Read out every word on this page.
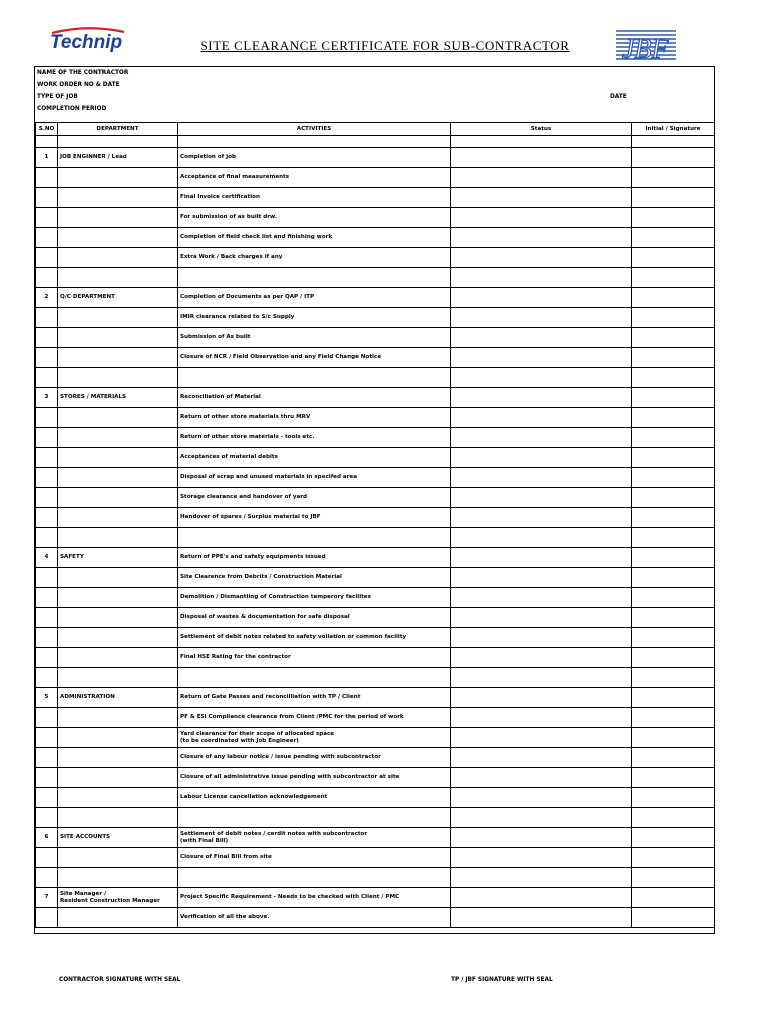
Technip	SITE CLEARANCE CERTIFICATE FOR SUB-CONTRACTOR	JBF
NAME OF THE CONTRACTOR
WORK ORDER NO & DATE
TYPE OF JOB
COMPLETION PERIOD
DATE
S.NO	DEPARTMENT	ACTIVITIES	Status	Initial / Signature

1	JOB ENGINNER / Lead	Completion of Job		
		Acceptance of final measurements		
		Final Invoice certification		
		For submission of as built drw.		
		Completion of field check list and finishing work		
		Extra Work / Back charges if any		

2	Q/C DEPARTMENT	Completion of Documents as per QAP / ITP		
		IMIR clearance related to S/c Supply		
		Submission of As built		
		Closure of NCR / Field Observation and any Field Change Notice		

3	STORES / MATERIALS	Reconciliation of Material		
		Return of other store materials thru MRV		
		Return of other store materials - tools etc.		
		Acceptances of material debits		
		Disposal of scrap and unused materials in specifed area		
		Storage clearance and handover of yard		
		Handover of spares / Surplus material to JBF		

4	SAFETY	Return of PPE's and safety equipments issued		
		Site Clearence from Debrits / Construction Material		
		Demolition / Dismantling of Construction temperory facilites		
		Disposal of wastes & documentation for safe disposal		
		Settlement of debit notes related to safety voilation or common facility		
		Final HSE Rating for the contractor		

5	ADMINISTRATION	Return of Gate Passes and reconcilliation with TP / Client		
		PF & ESI Compliance clearance from Client /PMC for the period of work		
		Yard clearance for their scope of allocated space
(to be coordinated with Job Engineer)		
		Closure of any labour notice / issue pending with subcontractor		
		Closure of all administrative issue pending with subcontractor at site		
		Labour License cancellation acknowledgement		

6	SITE ACCOUNTS	Settlement of debit notes / cerdit notes with subcontractor
(with Final Bill)		
		Closure of Final Bill from site		

7	Site Manager /
Resident Construction Manager	Project Specific Requirement - Needs to be checked with Client / PMC		
		Verification of all the above.		
CONTRACTOR SIGNATURE WITH SEAL	TP / JBF SIGNATURE WITH SEAL
